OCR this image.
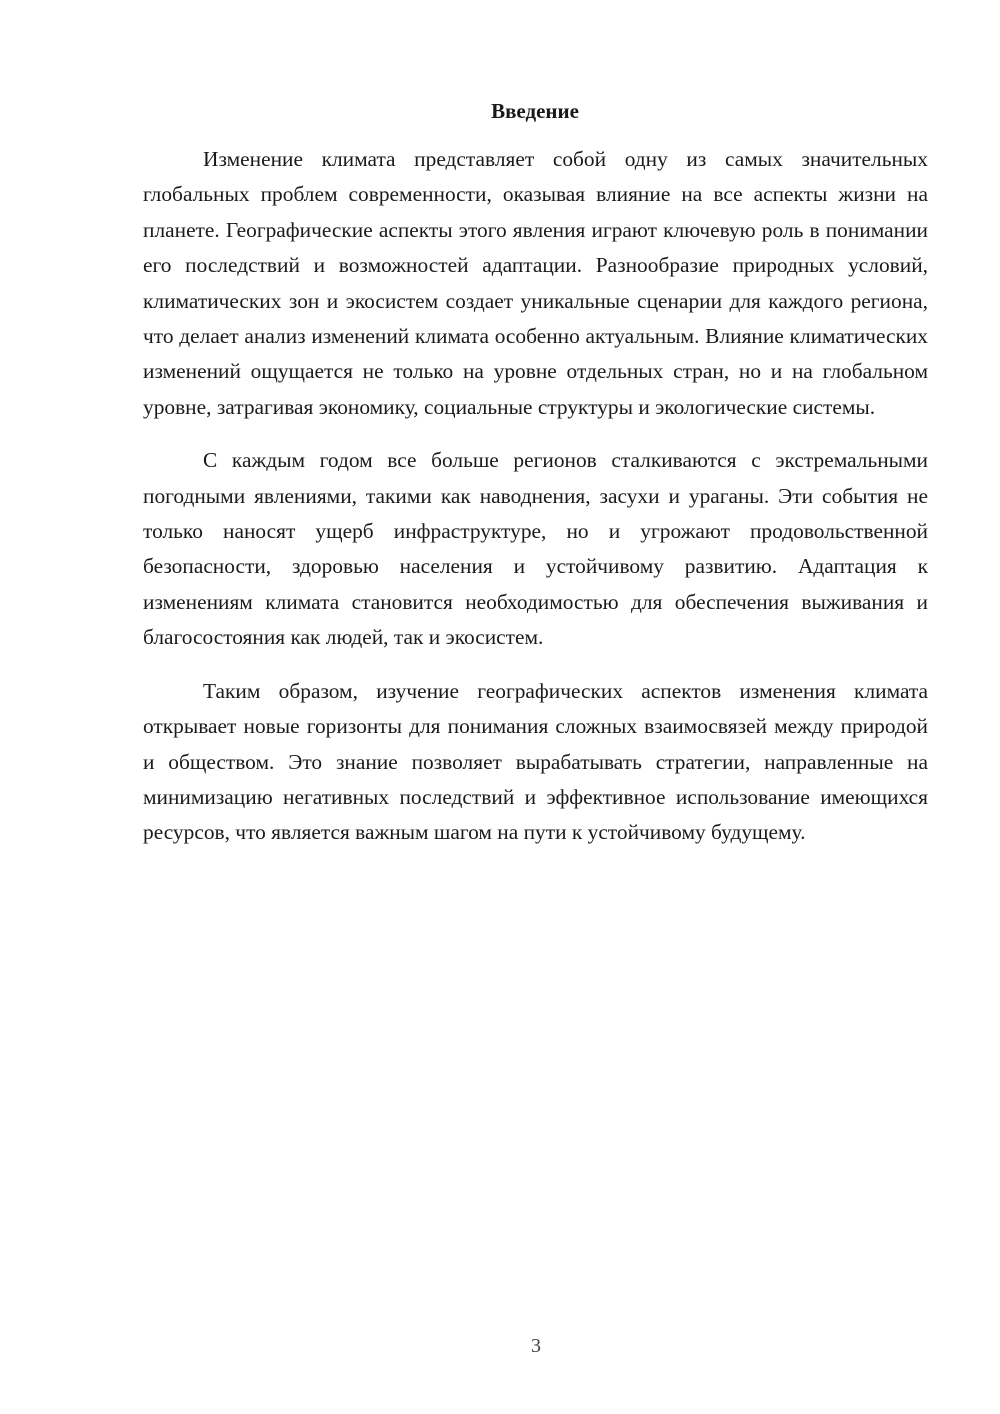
Введение

Изменение климата представляет собой одну из самых значительных глобальных проблем современности, оказывая влияние на все аспекты жизни на планете. Географические аспекты этого явления играют ключевую роль в понимании его последствий и возможностей адаптации. Разнообразие природных условий, климатических зон и экосистем создает уникальные сценарии для каждого региона, что делает анализ изменений климата особенно актуальным. Влияние климатических изменений ощущается не только на уровне отдельных стран, но и на глобальном уровне, затрагивая экономику, социальные структуры и экологические системы.

С каждым годом все больше регионов сталкиваются с экстремальными погодными явлениями, такими как наводнения, засухи и ураганы. Эти события не только наносят ущерб инфраструктуре, но и угрожают продовольственной безопасности, здоровью населения и устойчивому развитию. Адаптация к изменениям климата становится необходимостью для обеспечения выживания и благосостояния как людей, так и экосистем.

Таким образом, изучение географических аспектов изменения климата открывает новые горизонты для понимания сложных взаимосвязей между природой и обществом. Это знание позволяет вырабатывать стратегии, направленные на минимизацию негативных последствий и эффективное использование имеющихся ресурсов, что является важным шагом на пути к устойчивому будущему.

3
